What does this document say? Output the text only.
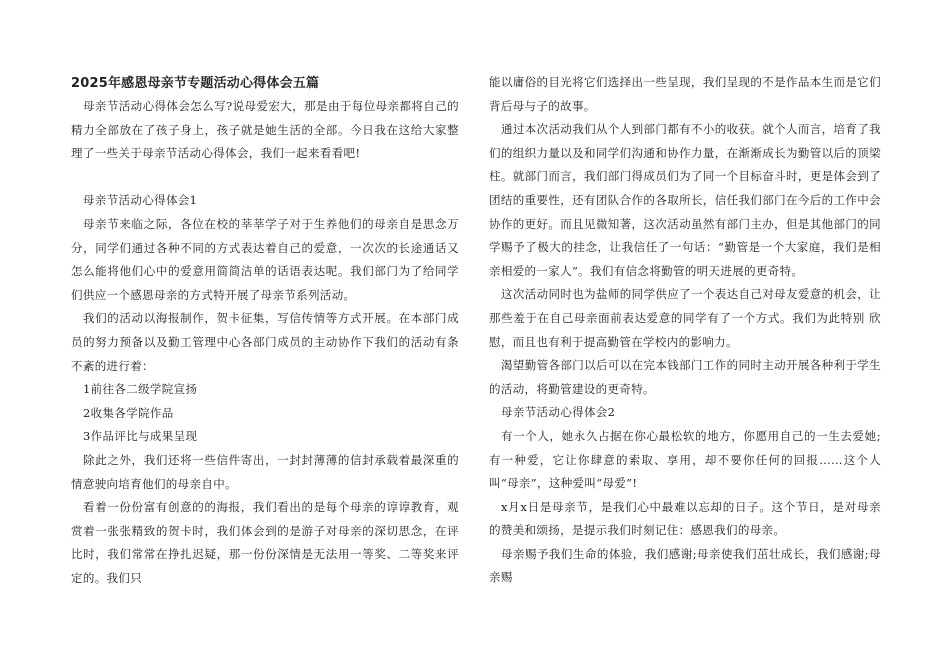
2025年感恩母亲节专题活动心得体会五篇

母亲节活动心得体会怎么写?说母爱宏大，那是由于每位母亲都将自己的精力全部放在了孩子身上，孩子就是她生活的全部。今日我在这给大家整理了一些关于母亲节活动心得体会，我们一起来看看吧!

母亲节活动心得体会1

母亲节来临之际，各位在校的莘莘学子对于生养他们的母亲自是思念万分，同学们通过各种不同的方式表达着自己的爱意，一次次的长途通话又怎么能将他们心中的爱意用简简洁单的话语表达呢。我们部门为了给同学们供应一个感恩母亲的方式特开展了母亲节系列活动。

我们的活动以海报制作，贺卡征集，写信传情等方式开展。在本部门成员的努力预备以及勤工管理中心各部门成员的主动协作下我们的活动有条不紊的进行着：

1前往各二级学院宣扬

2收集各学院作品

3作品评比与成果呈现

除此之外，我们还将一些信件寄出，一封封薄薄的信封承载着最深重的情意驶向培育他们的母亲自中。

看着一份份富有创意的的海报，我们看出的是每个母亲的谆谆教育，观赏着一张张精致的贺卡时，我们体会到的是游子对母亲的深切思念，在评比时，我们常常在挣扎迟疑，那一份份深情是无法用一等奖、二等奖来评定的。我们只

能以庸俗的目光将它们选择出一些呈现，我们呈现的不是作品本生而是它们背后母与子的故事。

通过本次活动我们从个人到部门都有不小的收获。就个人而言，培育了我们的组织力量以及和同学们沟通和协作力量，在渐渐成长为勤管以后的顶梁柱。就部门而言，我们部门得成员们为了同一个目标奋斗时，更是体会到了团结的重要性，还有团队合作的各取所长，信任我们部门在今后的工作中会协作的更好。而且见微知著，这次活动虽然有部门主办，但是其他部门的同学赐予了极大的挂念，让我信任了一句话：“勤管是一个大家庭，我们是相亲相爱的一家人”。我们有信念将勤管的明天进展的更奇特。

这次活动同时也为盐师的同学供应了一个表达自己对母友爱意的机会，让那些羞于在自己母亲面前表达爱意的同学有了一个方式。我们为此特别 欣慰，而且也有利于提高勤管在学校内的影响力。

渴望勤管各部门以后可以在完本钱部门工作的同时主动开展各种利于学生的活动，将勤管建设的更奇特。

母亲节活动心得体会2

有一个人，她永久占据在你心最松软的地方，你愿用自己的一生去爱她;有一种爱，它让你肆意的索取、享用，却不要你任何的回报……这个人叫“母亲”，这种爱叫“母爱”!

x月x日是母亲节，是我们心中最难以忘却的日子。这个节日，是对母亲的赞美和颂扬，是提示我们时刻记住：感恩我们的母亲。

母亲赐予我们生命的体验，我们感谢;母亲使我们茁壮成长，我们感谢;母亲赐
